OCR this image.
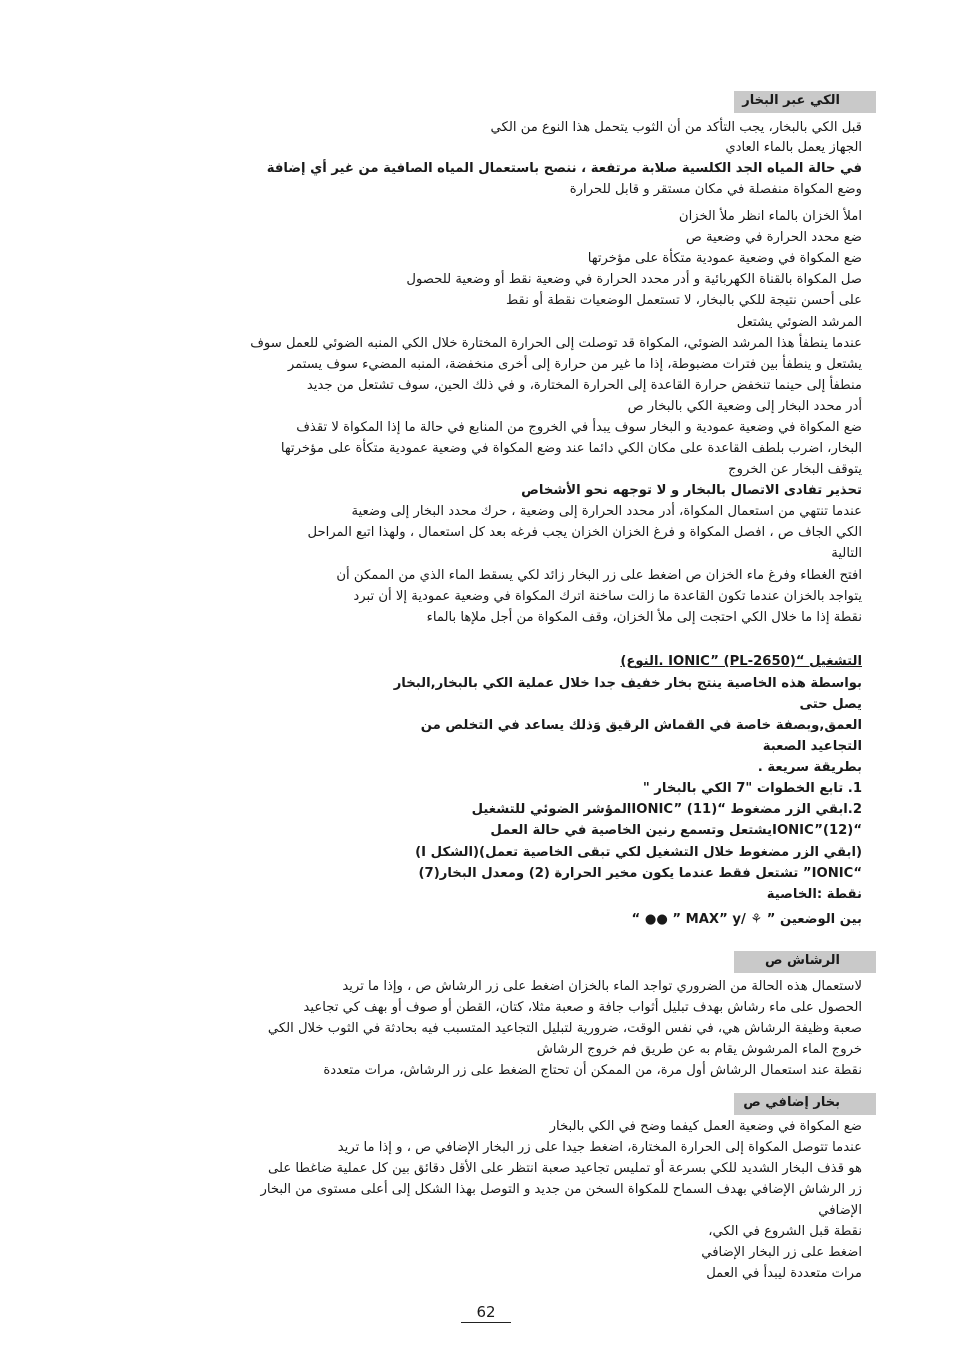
الكي عبر البخار
قبل الكي بالبخار، يجب التأكد من أن الثوب يتحمل هذا النوع من الكي
الجهاز يعمل بالماء العادي
في حالة المياه الجد الكلسية صلابة مرتفعة ، ننصح باستعمال المياه الصافية من غير أي إضافة
وضع المكواة منفصلة في مكان مستقر و قابل للحرارة
املأ الخزان بالماء انظر ملأ الخزان
ضع محدد الحرارة في وضعية ص
ضع المكواة في وضعية عمودية متكأة على مؤخرتها
صل المكواة بالقناة الكهربائية و أدر محدد الحرارة في وضعية نقط أو وضعية للحصول
على أحسن نتيجة للكي بالبخار، لا تستعمل الوضعيات نقطة أو نقط
المرشد الضوئي يشتعل
عندما ينطفأ هذا المرشد الضوئي، المكواة قد توصلت إلى الحرارة المختارة خلال الكي المنبه الضوئي للعمل سوف
يشتعل و ينطفأ بين فترات مضبوطة، إذا ما غير من حرارة إلى أخرى منخفضة، المنبه المضيء سوف يستمر
منطفأ إلى حينما تنخفض حرارة القاعدة إلى الحرارة المختارة، و في ذلك الحين، سوف تشتعل من جديد
أدر محدد البخار إلى وضعية الكي بالبخار ص
ضع المكواة في وضعية عمودية و البخار سوف يبدأ في الخروج من المنابع في حالة ما إذا المكواة لا تقذف
البخار، اضرب بلطف القاعدة على مكان الكي دائما عند وضع المكواة في وضعية عمودية متكأة على مؤخرتها
يتوقف البخار عن الخروج
تحذير تفادى الاتصال بالبخار و لا توجهه نحو الأشخاص
عندما تنتهي من استعمال المكواة، أدر محدد الحرارة إلى وضعية ، حرك محدد البخار إلى وضعية
الكي الجاف ص ، افصل المكواة و فرغ الخزان الخزان يجب فرغه بعد كل استعمال ، ولهذا اتبع المراحل
التالية
افتح الغطاء وفرغ ماء الخزان ص اضغط على زر البخار زائد لكي يسقط الماء الذي من الممكن أن
يتواجد بالخزان عندما تكون القاعدة ما زالت ساخنة اترك المكواة في وضعية عمودية إلا أن تبرد
نقطة إذا ما خلال الكي احتجت إلى ملأ الخزان، وقف المكواة من أجل ملإها بالماء
التشغيل “IONIC” (PL-2650) .النوع)
بواسطة هذه الخاصية ينتج بخار خفيف جدا خلال عملية الكي بالبخار,البخار
يصل حتى
العمق,وبصفة خاصة في القماش الرقيق وَذلك يساعد في التخلص من
التجاعيد الصعبة
بطريقة سريعة .
1. تابع الخطوات "7 الكي بالبخار "
2.ابقي الزر مضغوط “IONIC” (11)المؤشر الضوئي للتشغيل
“IONIC”(12)يشتعل وتسمع رنين الخاصية في حالة العمل
(ابقي الزر مضغوط خلال التشغيل لكي تبقى الخاصية تعمل)(الشكل I)
“IONIC” تشتعل فقط عندما يكون مخير الحرارة (2) ومعدل البخار(7)
نقطة :الخاصية
بين الوضعين ” ⚘ /MAX” y ” ●● “
الرشاش ص
لاستعمال هذه الحالة من الضروري تواجد الماء بالخزان اضغط على زر الرشاش ص ، وإذا ما تريد
الحصول على ماء رشاش بهدف تبليل أثواب جافة و صعبة مثلا، كتان، القطن أو صوف أو بهف كي تجاعيد
صعبة وظيفة الرشاش هي، في نفس الوقت، ضرورية لتبليل التجاعيد المتسبب فيه بحادثة في الثوب خلال الكي
خروج الماء المرشوش يقام به عن طريق فم خروج الرشاش
نقطة عند استعمال الرشاش أول مرة، من الممكن أن تحتاج الضغط على زر الرشاش، مرات متعددة
بخار إضافي ص
ضع المكواة في وضعية العمل كيفما وضح في الكي بالبخار
عندما تتوصل المكواة إلى الحرارة المختارة، اضغط جيدا على زر البخار الإضافي ص ، و إذا ما تريد
هو قذف البخار الشديد للكي بسرعة أو تمليس تجاعيد صعبة انتظر على الأقل دقائق بين كل عملية ضاغطا على
زر الرشاش الإضافي بهدف السماح للمكواة السخن من جديد و التوصل بهذا الشكل إلى أعلى مستوى من البخار
الإضافي
نقطة قبل الشروع في الكي،
اضغط على زر البخار الإضافي
مرات متعددة ليبدأ في العمل
62
